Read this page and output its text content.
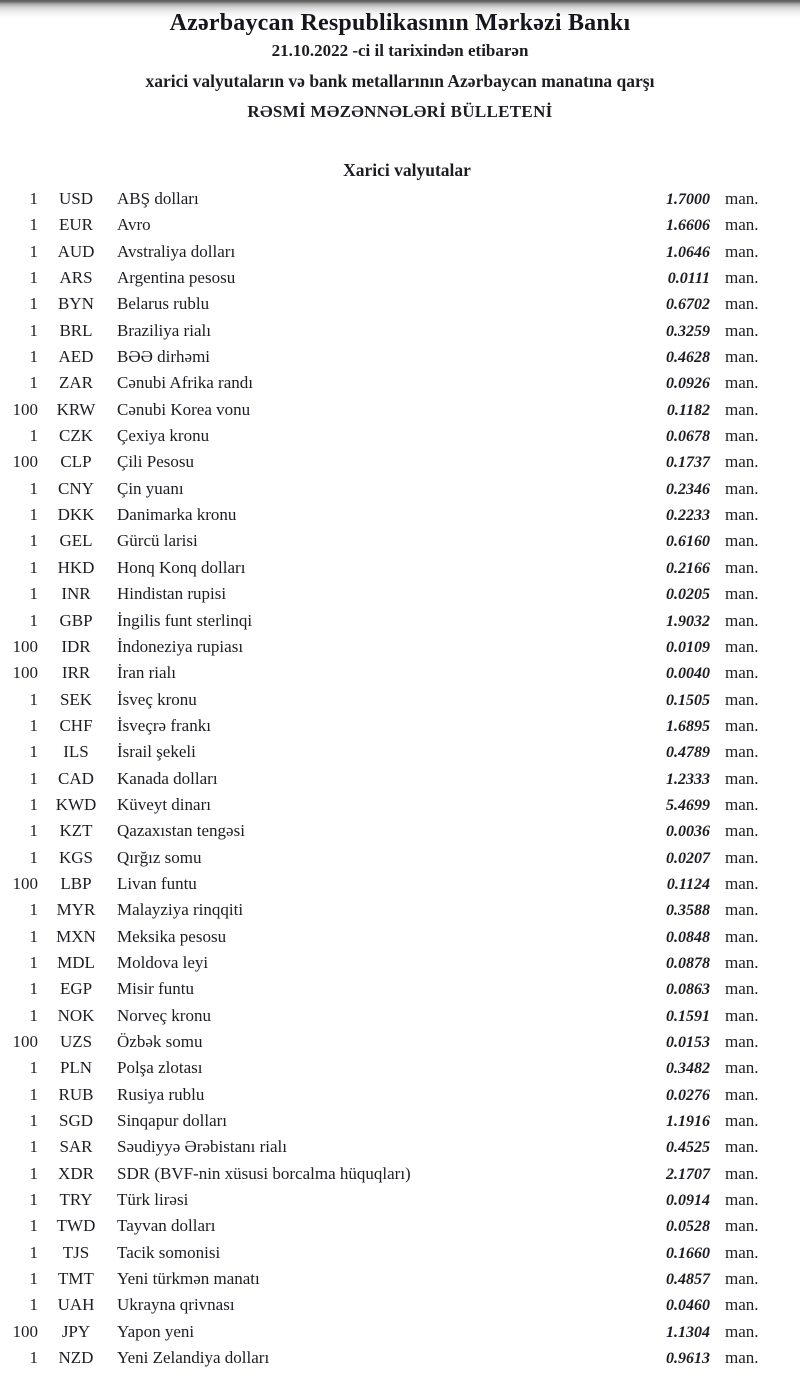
Azərbaycan Respublikasının Mərkəzi Bankı
21.10.2022 -ci il tarixindən etibarən
xarici valyutaların və bank metallarının Azərbaycan manatına qarşı
RƏSMİ MƏZƏNNƏLƏRİ BÜLLETENİ
Xarici valyutalar
1	USD	ABŞ dolları	1.7000 man.
1	EUR	Avro	1.6606 man.
1	AUD	Avstraliya dolları	1.0646 man.
1	ARS	Argentina pesosu	0.0111 man.
1	BYN	Belarus rublu	0.6702 man.
1	BRL	Braziliya rialı	0.3259 man.
1	AED	BƏƏ dirhəmi	0.4628 man.
1	ZAR	Cənubi Afrika randı	0.0926 man.
100	KRW	Cənubi Korea vonu	0.1182 man.
1	CZK	Çexiya kronu	0.0678 man.
100	CLP	Çili Pesosu	0.1737 man.
1	CNY	Çin yuanı	0.2346 man.
1	DKK	Danimarka kronu	0.2233 man.
1	GEL	Gürcü larisi	0.6160 man.
1	HKD	Honq Konq dolları	0.2166 man.
1	INR	Hindistan rupisi	0.0205 man.
1	GBP	İngilis funt sterlinqi	1.9032 man.
100	IDR	İndoneziya rupiası	0.0109 man.
100	IRR	İran rialı	0.0040 man.
1	SEK	İsveç kronu	0.1505 man.
1	CHF	İsveçrə frankı	1.6895 man.
1	ILS	İsrail şekeli	0.4789 man.
1	CAD	Kanada dolları	1.2333 man.
1	KWD	Küveyt dinarı	5.4699 man.
1	KZT	Qazaxıstan tengəsi	0.0036 man.
1	KGS	Qırğız somu	0.0207 man.
100	LBP	Livan funtu	0.1124 man.
1	MYR	Malayziya rinqqiti	0.3588 man.
1	MXN	Meksika pesosu	0.0848 man.
1	MDL	Moldova leyi	0.0878 man.
1	EGP	Misir funtu	0.0863 man.
1	NOK	Norveç kronu	0.1591 man.
100	UZS	Özbək somu	0.0153 man.
1	PLN	Polşa zlotası	0.3482 man.
1	RUB	Rusiya rublu	0.0276 man.
1	SGD	Sinqapur dolları	1.1916 man.
1	SAR	Səudiyyə Ərəbistanı rialı	0.4525 man.
1	XDR	SDR (BVF-nin xüsusi borcalma hüquqları)	2.1707 man.
1	TRY	Türk lirəsi	0.0914 man.
1	TWD	Tayvan dolları	0.0528 man.
1	TJS	Tacik somonisi	0.1660 man.
1	TMT	Yeni türkmən manatı	0.4857 man.
1	UAH	Ukrayna qrivnası	0.0460 man.
100	JPY	Yapon yeni	1.1304 man.
1	NZD	Yeni Zelandiya dolları	0.9613 man.
